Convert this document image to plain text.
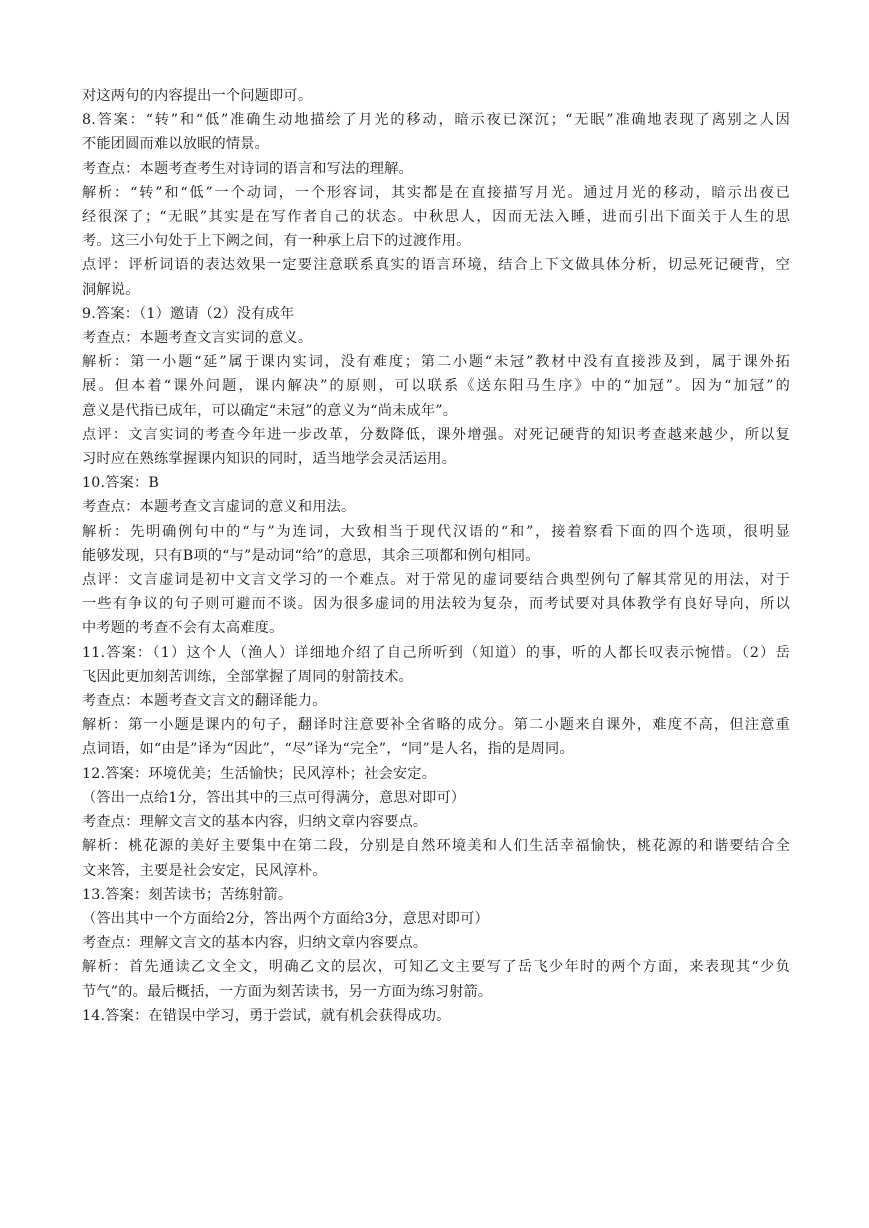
对这两句的内容提出一个问题即可。
8.答案：“转”和“低”准确生动地描绘了月光的移动，暗示夜已深沉；“无眠”准确地表现了离别之人因
不能团圆而难以放眠的情景。
考查点：本题考查考生对诗词的语言和写法的理解。
解析：“转”和“低”一个动词，一个形容词，其实都是在直接描写月光。通过月光的移动，暗示出夜已
经很深了；“无眠”其实是在写作者自己的状态。中秋思人，因而无法入睡，进而引出下面关于人生的思
考。这三小句处于上下阙之间，有一种承上启下的过渡作用。
点评：评析词语的表达效果一定要注意联系真实的语言环境，结合上下文做具体分析，切忌死记硬背，空
洞解说。
9.答案：（1）邀请（2）没有成年
考查点：本题考查文言实词的意义。
解析：第一小题“延”属于课内实词，没有难度；第二小题“未冠”教材中没有直接涉及到，属于课外拓
展。但本着“课外问题，课内解决”的原则，可以联系《送东阳马生序》中的“加冠”。因为“加冠”的
意义是代指已成年，可以确定“未冠”的意义为“尚未成年”。
点评：文言实词的考查今年进一步改革，分数降低，课外增强。对死记硬背的知识考查越来越少，所以复
习时应在熟练掌握课内知识的同时，适当地学会灵活运用。
10.答案：B
考查点：本题考查文言虚词的意义和用法。
解析：先明确例句中的“与”为连词，大致相当于现代汉语的“和”，接着察看下面的四个选项，很明显
能够发现，只有B项的“与”是动词“给”的意思，其余三项都和例句相同。
点评：文言虚词是初中文言文学习的一个难点。对于常见的虚词要结合典型例句了解其常见的用法，对于
一些有争议的句子则可避而不谈。因为很多虚词的用法较为复杂，而考试要对具体教学有良好导向，所以
中考题的考查不会有太高难度。
11.答案：（1）这个人（渔人）详细地介绍了自己所听到（知道）的事，听的人都长叹表示惋惜。（2）岳
飞因此更加刻苦训练，全部掌握了周同的射箭技术。
考查点：本题考查文言文的翻译能力。
解析：第一小题是课内的句子，翻译时注意要补全省略的成分。第二小题来自课外，难度不高，但注意重
点词语，如“由是”译为“因此”，“尽”译为“完全”，“同”是人名，指的是周同。
12.答案：环境优美；生活愉快；民风淳朴；社会安定。
（答出一点给1分，答出其中的三点可得满分，意思对即可）
考查点：理解文言文的基本内容，归纳文章内容要点。
解析：桃花源的美好主要集中在第二段，分别是自然环境美和人们生活幸福愉快，桃花源的和谐要结合全
文来答，主要是社会安定，民风淳朴。
13.答案：刻苦读书；苦练射箭。
（答出其中一个方面给2分，答出两个方面给3分，意思对即可）
考查点：理解文言文的基本内容，归纳文章内容要点。
解析：首先通读乙文全文，明确乙文的层次，可知乙文主要写了岳飞少年时的两个方面，来表现其“少负
节气”的。最后概括，一方面为刻苦读书，另一方面为练习射箭。
14.答案：在错误中学习，勇于尝试，就有机会获得成功。
